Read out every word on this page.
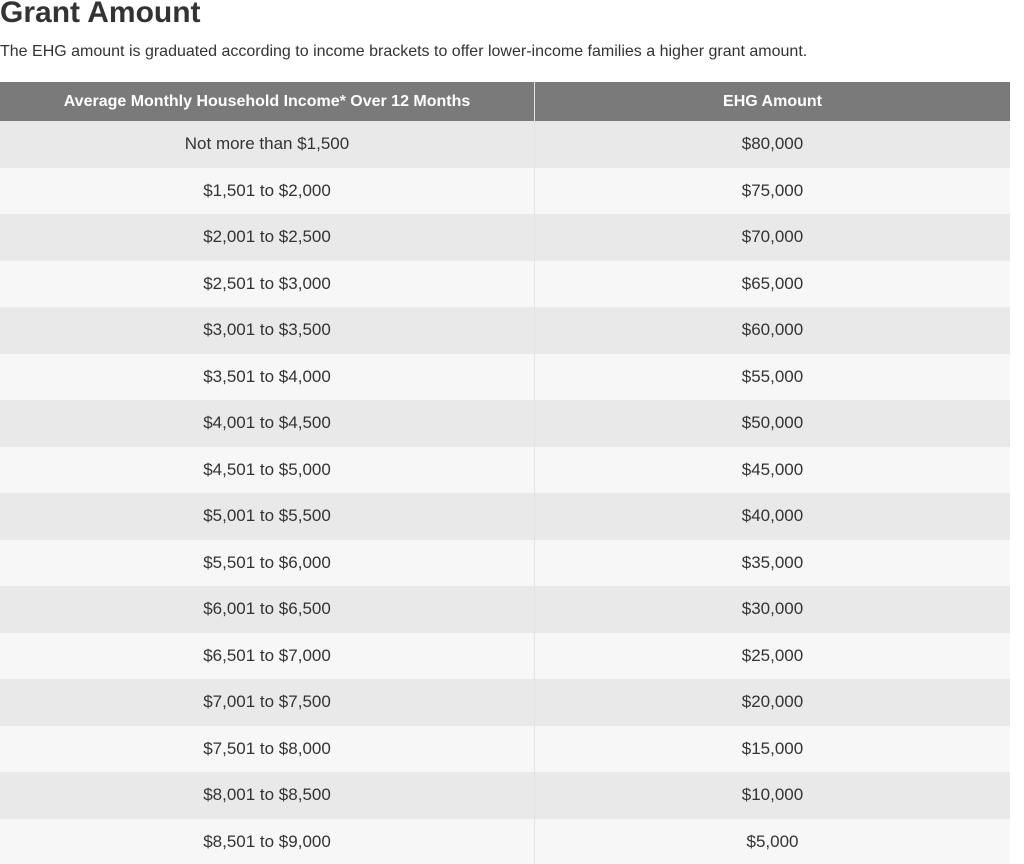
Grant Amount

The EHG amount is graduated according to income brackets to offer lower-income families a higher grant amount.

Average Monthly Household Income* Over 12 Months	EHG Amount
Not more than $1,500	$80,000
$1,501 to $2,000	$75,000
$2,001 to $2,500	$70,000
$2,501 to $3,000	$65,000
$3,001 to $3,500	$60,000
$3,501 to $4,000	$55,000
$4,001 to $4,500	$50,000
$4,501 to $5,000	$45,000
$5,001 to $5,500	$40,000
$5,501 to $6,000	$35,000
$6,001 to $6,500	$30,000
$6,501 to $7,000	$25,000
$7,001 to $7,500	$20,000
$7,501 to $8,000	$15,000
$8,001 to $8,500	$10,000
$8,501 to $9,000	$5,000
